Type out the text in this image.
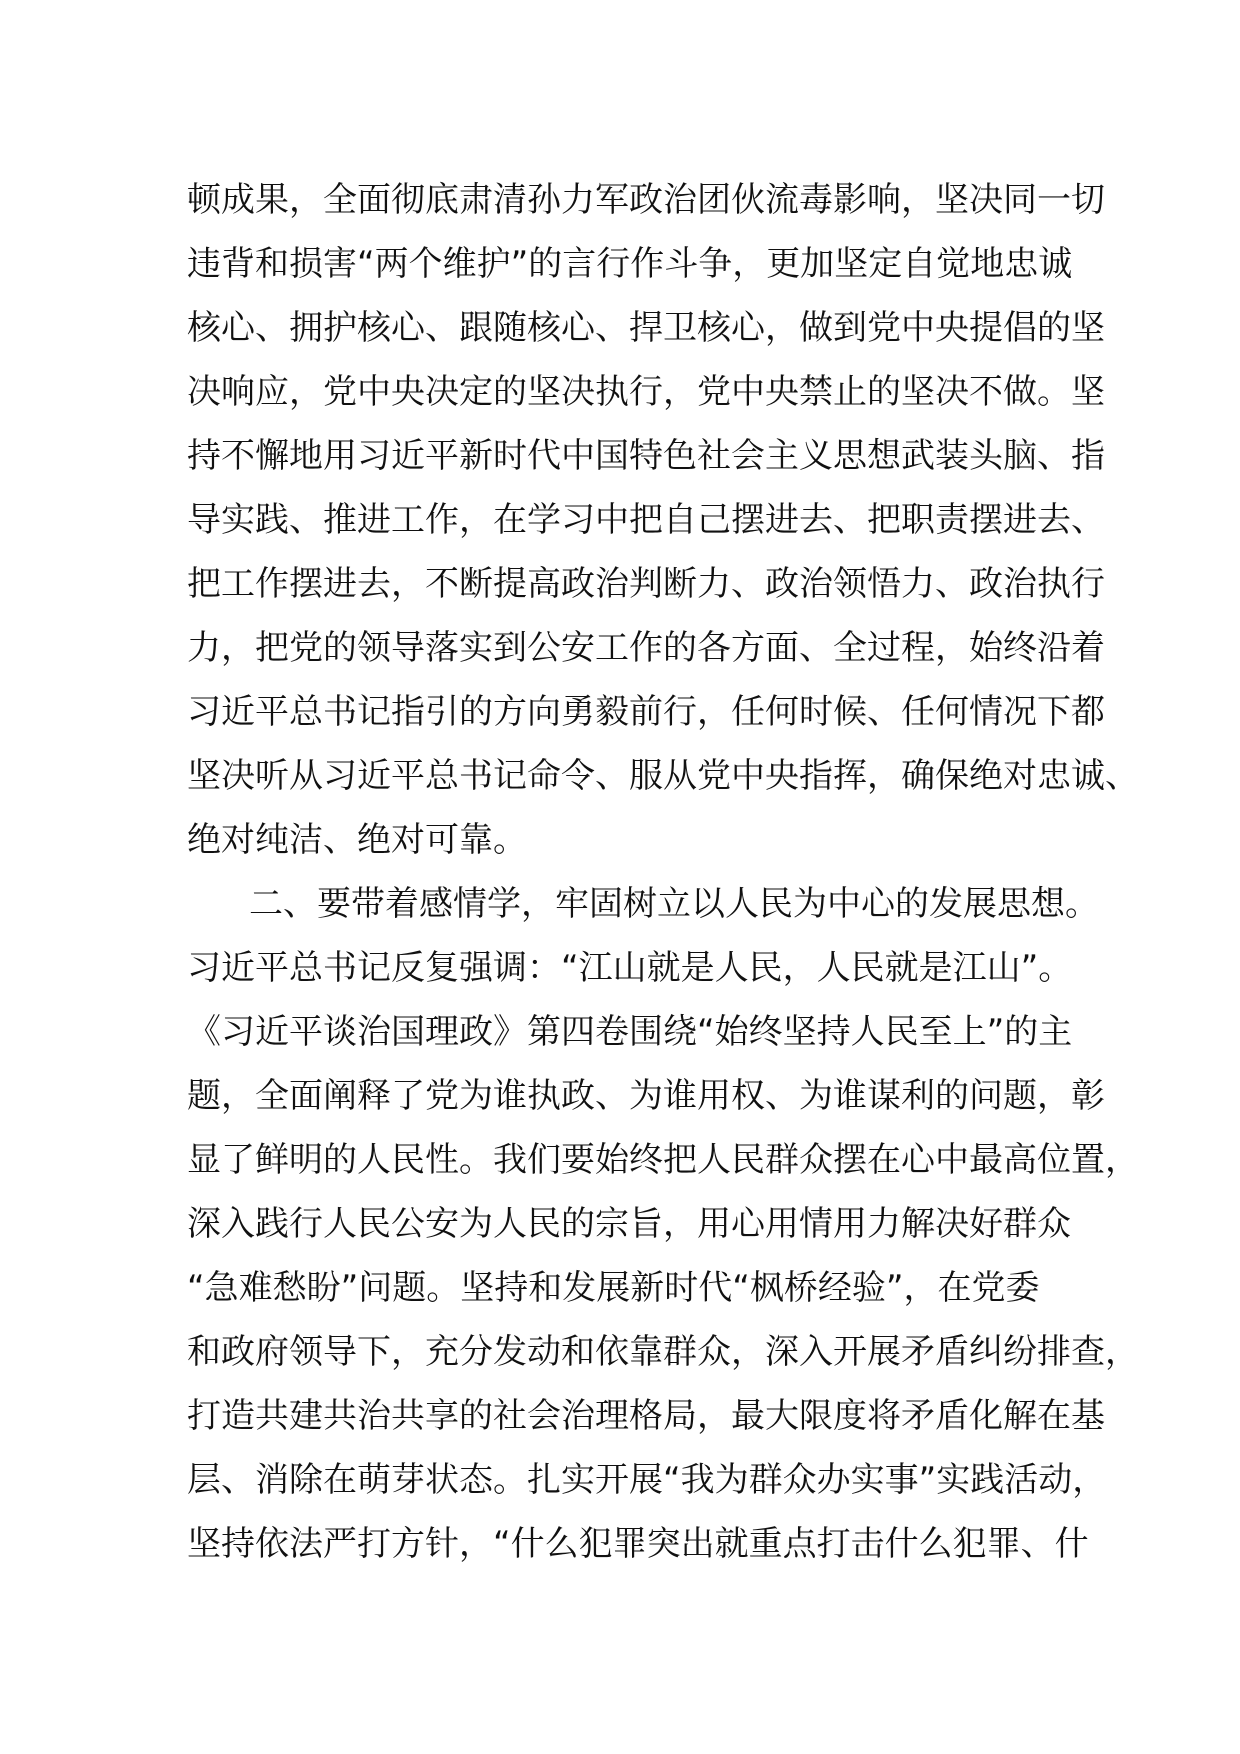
顿成果，全面彻底肃清孙力军政治团伙流毒影响，坚决同一切
违背和损害“两个维护”的言行作斗争，更加坚定自觉地忠诚
核心、拥护核心、跟随核心、捍卫核心，做到党中央提倡的坚
决响应，党中央决定的坚决执行，党中央禁止的坚决不做。坚
持不懈地用习近平新时代中国特色社会主义思想武装头脑、指
导实践、推进工作，在学习中把自己摆进去、把职责摆进去、
把工作摆进去，不断提高政治判断力、政治领悟力、政治执行
力，把党的领导落实到公安工作的各方面、全过程，始终沿着
习近平总书记指引的方向勇毅前行，任何时候、任何情况下都
坚决听从习近平总书记命令、服从党中央指挥，确保绝对忠诚、
绝对纯洁、绝对可靠。
二、要带着感情学，牢固树立以人民为中心的发展思想。
习近平总书记反复强调：“江山就是人民，人民就是江山”。
《习近平谈治国理政》第四卷围绕“始终坚持人民至上”的主
题，全面阐释了党为谁执政、为谁用权、为谁谋利的问题，彰
显了鲜明的人民性。我们要始终把人民群众摆在心中最高位置，
深入践行人民公安为人民的宗旨，用心用情用力解决好群众
“急难愁盼”问题。坚持和发展新时代“枫桥经验”，在党委
和政府领导下，充分发动和依靠群众，深入开展矛盾纠纷排查，
打造共建共治共享的社会治理格局，最大限度将矛盾化解在基
层、消除在萌芽状态。扎实开展“我为群众办实事”实践活动，
坚持依法严打方针，“什么犯罪突出就重点打击什么犯罪、什
